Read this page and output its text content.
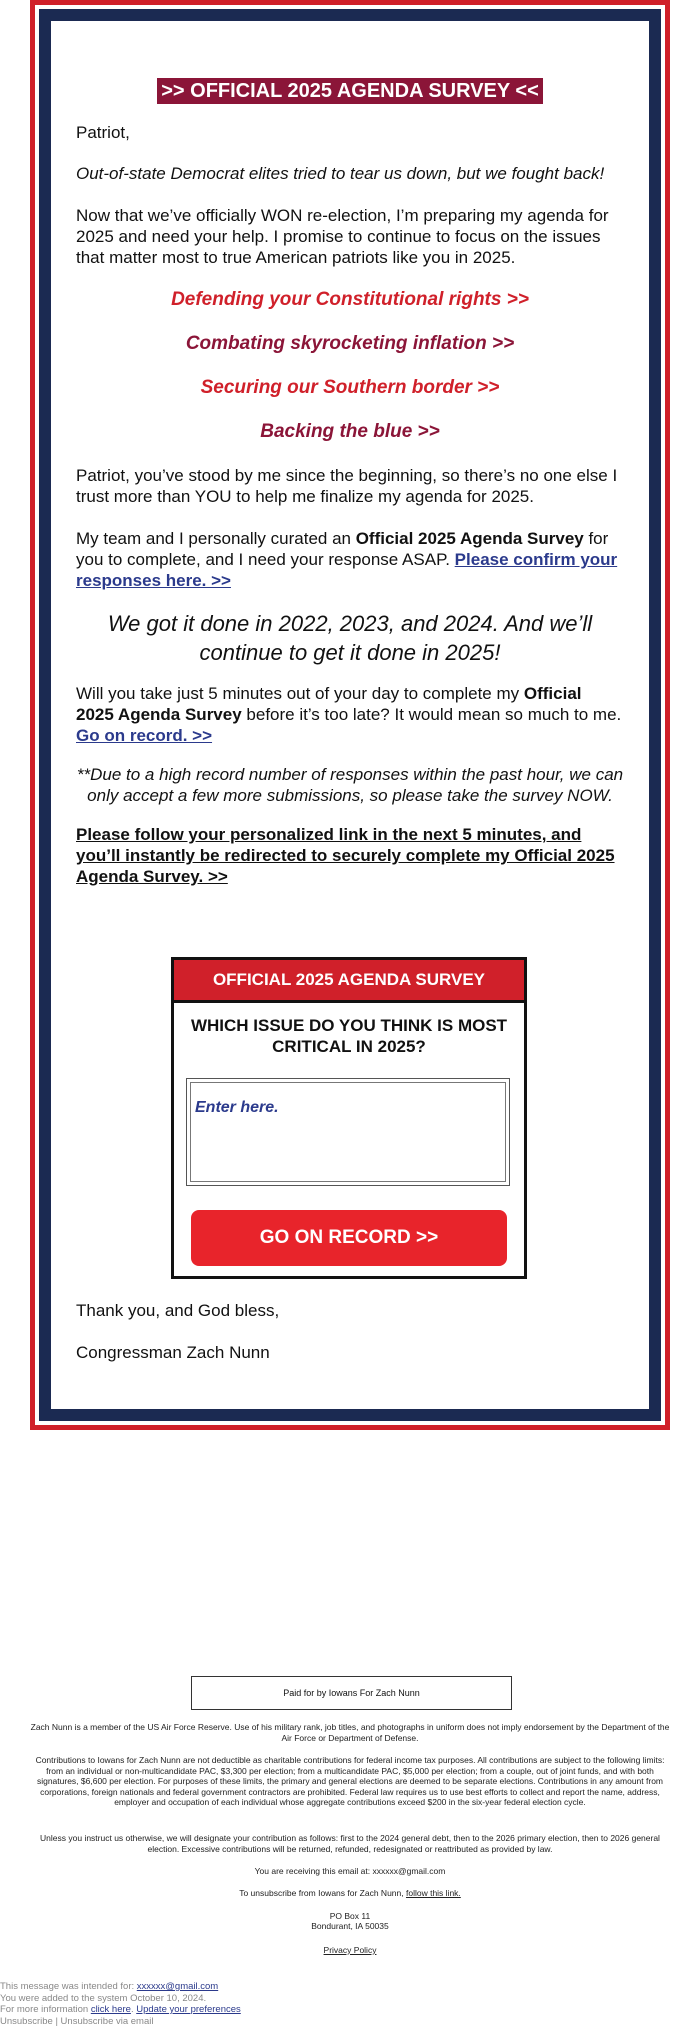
>> OFFICIAL 2025 AGENDA SURVEY <<

Patriot,

Out-of-state Democrat elites tried to tear us down, but we fought back!

Now that we’ve officially WON re-election, I’m preparing my agenda for 2025 and need your help. I promise to continue to focus on the issues that matter most to true American patriots like you in 2025.

Defending your Constitutional rights >>
Combating skyrocketing inflation >>
Securing our Southern border >>
Backing the blue >>

Patriot, you’ve stood by me since the beginning, so there’s no one else I trust more than YOU to help me finalize my agenda for 2025.

My team and I personally curated an Official 2025 Agenda Survey for you to complete, and I need your response ASAP. Please confirm your responses here. >>

We got it done in 2022, 2023, and 2024. And we’ll continue to get it done in 2025!

Will you take just 5 minutes out of your day to complete my Official 2025 Agenda Survey before it’s too late? It would mean so much to me. Go on record. >>

**Due to a high record number of responses within the past hour, we can only accept a few more submissions, so please take the survey NOW.
Please follow your personalized link in the next 5 minutes, and you’ll instantly be redirected to securely complete my Official 2025 Agenda Survey. >>
OFFICIAL 2025 AGENDA SURVEY
WHICH ISSUE DO YOU THINK IS MOST CRITICAL IN 2025?
Enter here.
GO ON RECORD >>

Thank you, and God bless,

Congressman Zach Nunn

Paid for by Iowans For Zach Nunn
Zach Nunn is a member of the US Air Force Reserve. Use of his military rank, job titles, and photographs in uniform does not imply endorsement by the Department of the Air Force or Department of Defense.
Contributions to Iowans for Zach Nunn are not deductible as charitable contributions for federal income tax purposes. All contributions are subject to the following limits: from an individual or non-multicandidate PAC, $3,300 per election; from a multicandidate PAC, $5,000 per election; from a couple, out of joint funds, and with both signatures, $6,600 per election. For purposes of these limits, the primary and general elections are deemed to be separate elections. Contributions in any amount from corporations, foreign nationals and federal government contractors are prohibited. Federal law requires us to use best efforts to collect and report the name, address, employer and occupation of each individual whose aggregate contributions exceed $200 in the six-year federal election cycle.
Unless you instruct us otherwise, we will designate your contribution as follows: first to the 2024 general debt, then to the 2026 primary election, then to 2026 general election. Excessive contributions will be returned, refunded, redesignated or reattributed as provided by law.
You are receiving this email at: xxxxxx@gmail.com
To unsubscribe from Iowans for Zach Nunn, follow this link.
PO Box 11
Bondurant, IA 50035
Privacy Policy
This message was intended for: xxxxxx@gmail.com
You were added to the system October 10, 2024.
For more information click here. Update your preferences
Unsubscribe | Unsubscribe via email
